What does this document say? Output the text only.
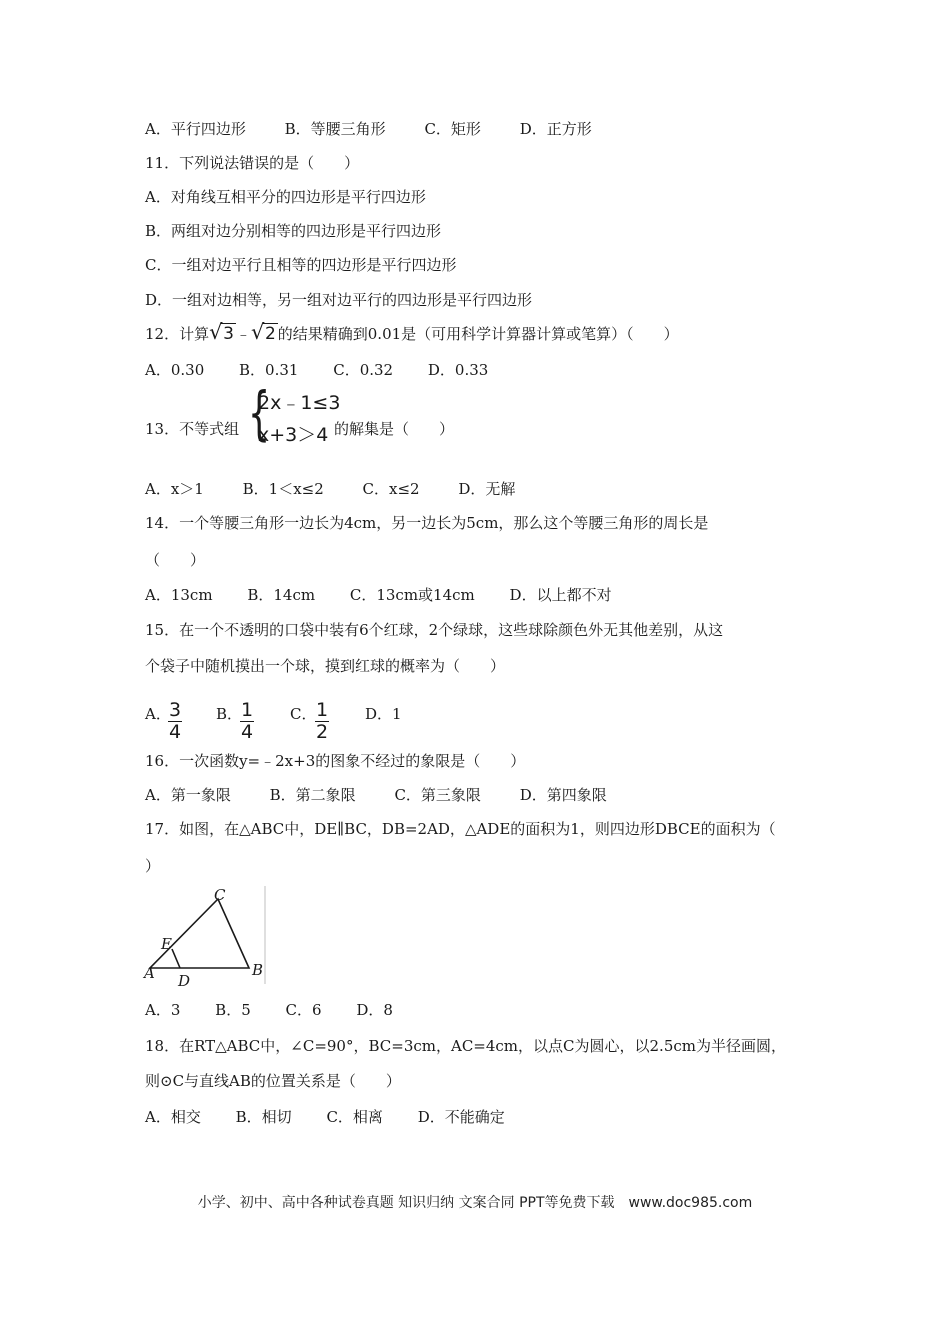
A．平行四边形	B．等腰三角形	C．矩形	D．正方形
11．下列说法错误的是（　　）
A．对角线互相平分的四边形是平行四边形
B．两组对边分别相等的四边形是平行四边形
C．一组对边平行且相等的四边形是平行四边形
D．一组对边相等，另一组对边平行的四边形是平行四边形
12．计算 √ 3 ﹣ √ 2 的结果精确到0.01是（可用科学计算器计算或笔算）（　　）
A．0.30 B．0.31 C．0.32 D．0.33
13．不等式组 {
2x﹣1≤3
x+3＞4 的解集是（　　）
A．x＞1	B．1＜x≤2	C．x≤2	D．无解
14．一个等腰三角形一边长为4cm，另一边长为5cm，那么这个等腰三角形的周长是
（　　）
A．13cm B．14cm C．13cm或14cm D．以上都不对
15．在一个不透明的口袋中装有6个红球，2个绿球，这些球除颜色外无其他差别，从这
个袋子中随机摸出一个球，摸到红球的概率为（　　）
A．
$\frac{3}{4}$ B．
$\frac{1}{4}$ C．
$\frac{1}{2}$ D．1
16．一次函数y=﹣2x+3的图象不经过的象限是（　　）
A．第一象限	B．第二象限	C．第三象限	D．第四象限
17．如图，在△ABC中，DE∥BC，DB=2AD，△ADE的面积为1，则四边形DBCE的面积为（
）
A	B
C
D
E
A．3 B．5 C．6 D．8
18．在RT△ABC中，∠C=90°，BC=3cm，AC=4cm，以点C为圆心，以2.5cm为半径画圆，
则⊙C与直线AB的位置关系是（　　）
A．相交 B．相切 C．相离 D．不能确定
小学、初中、高中各种试卷真题 知识归纳 文案合同 PPT等免费下载　www.doc985.com
